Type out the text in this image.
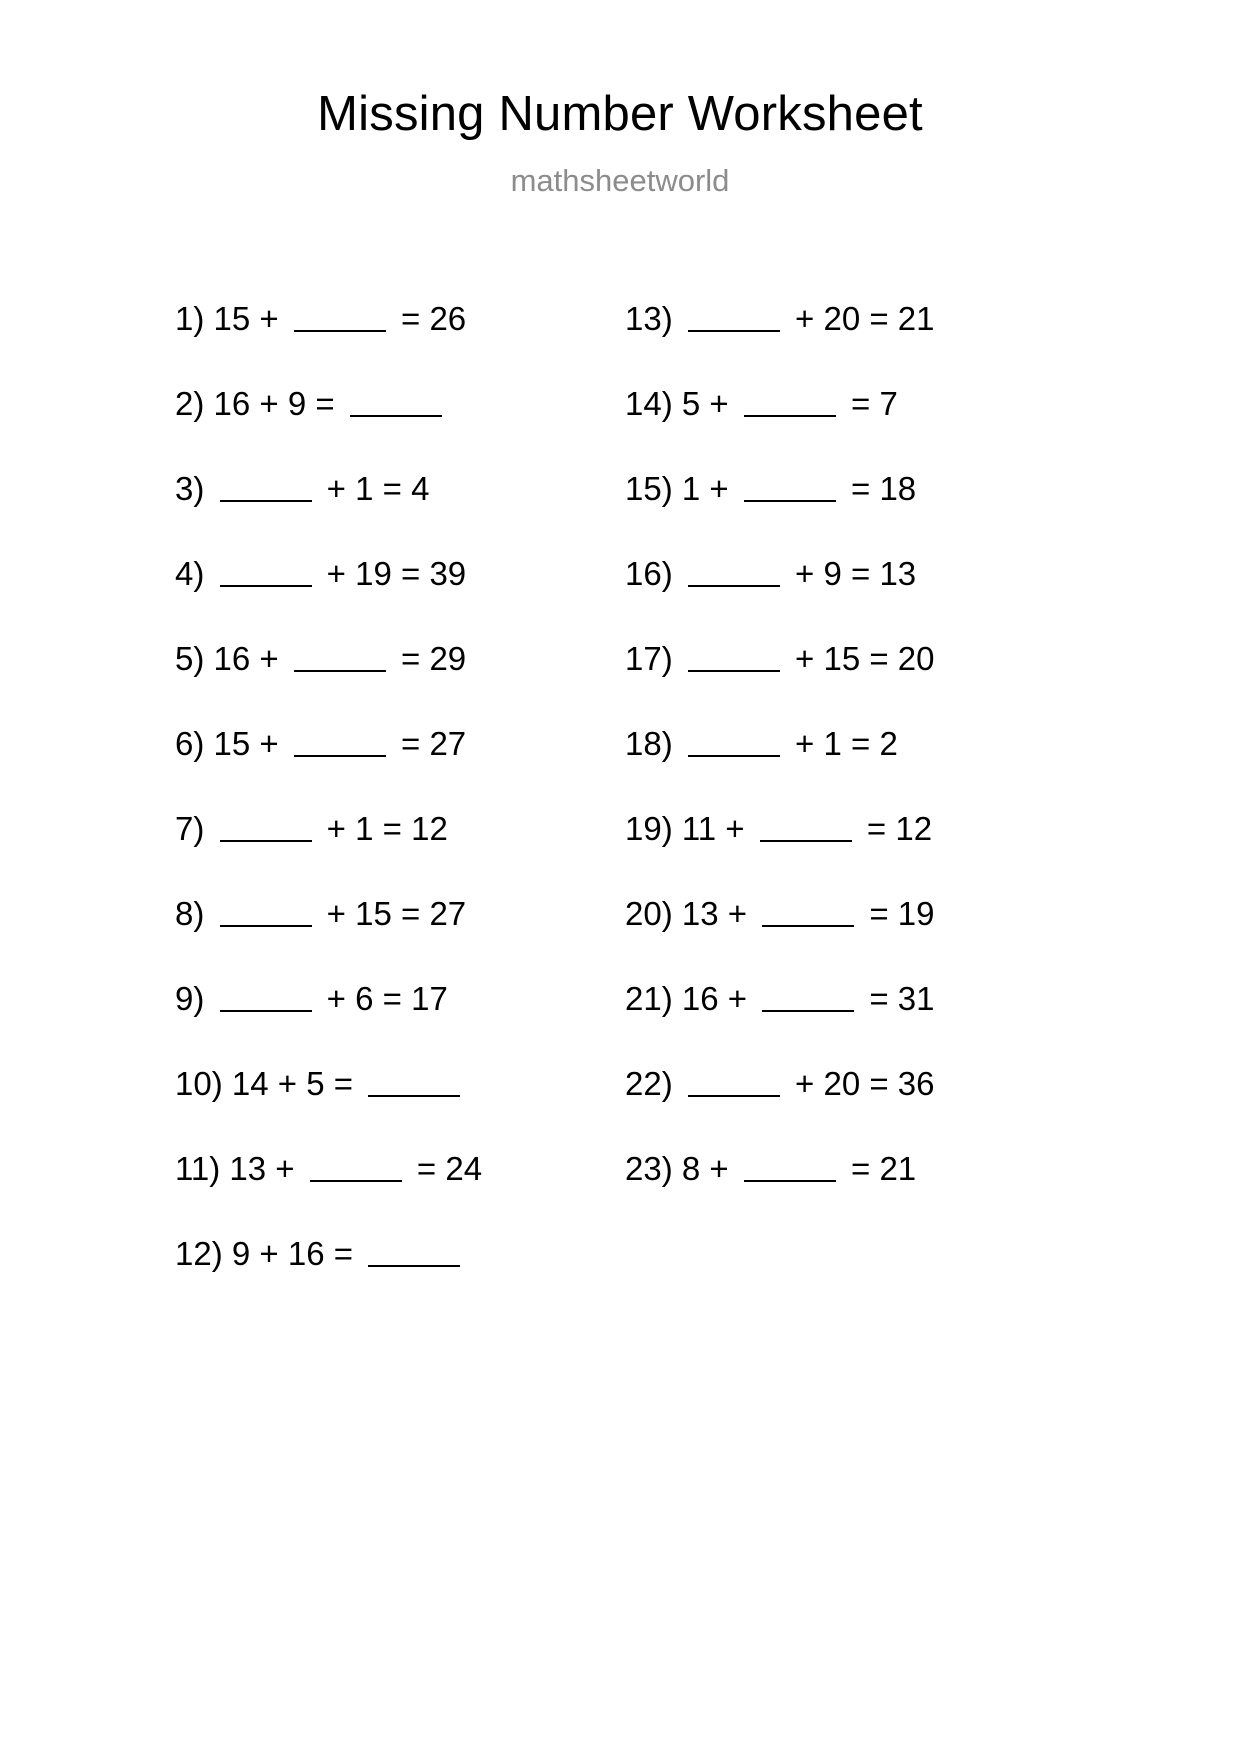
Missing Number Worksheet
mathsheetworld
1) 15 +	= 26
2) 16 + 9 =
3)	+ 1 = 4
4)	+ 19 = 39
5) 16 +	= 29
6) 15 +	= 27
7)	+ 1 = 12
8)	+ 15 = 27
9)	+ 6 = 17
10) 14 + 5 =
11) 13 +	= 24
12) 9 + 16 =
13)	+ 20 = 21
14) 5 +	= 7
15) 1 +	= 18
16)	+ 9 = 13
17)	+ 15 = 20
18)	+ 1 = 2
19) 11 +	= 12
20) 13 +	= 19
21) 16 +	= 31
22)	+ 20 = 36
23) 8 +	= 21
